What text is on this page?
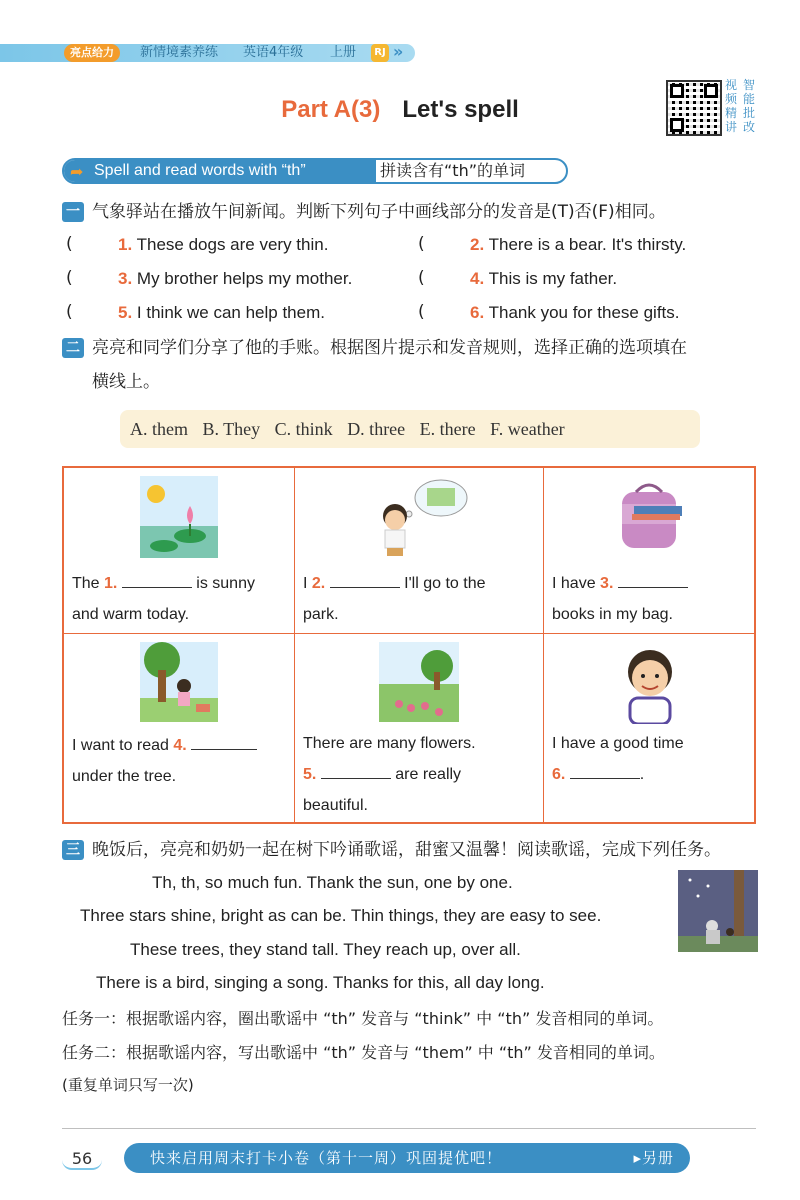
亮点给力	新情境素养练 英语4年级 上册	RJ »
Part A(3) Let's spell
视 智
频 能
精 批
讲 改
➦ Spell and read words with “th”	拼读含有“th”的单词
一 气象驿站在播放午间新闻。判断下列句子中画线部分的发音是(T)否(F)相同。
(	1. These dogs are very thin.	(	2. There is a bear. It's thirsty.
(	3. My brother helps my mother.	(	4. This is my father.
(	5. I think we can help them.	(	6. Thank you for these gifts.
二 亮亮和同学们分享了他的手账。根据图片提示和发音规则，选择正确的选项填在
横线上。
A. them B. They C. think D. three E. there F. weather
The 1.	is sunny
and warm today.
I 2.	I'll go to the
park.
I have 3.
books in my bag.
I want to read 4.
under the tree.
There are many flowers.
5.	are really
beautiful.
I have a good time
6.	.
三 晚饭后，亮亮和奶奶一起在树下吟诵歌谣，甜蜜又温馨！阅读歌谣，完成下列任务。
Th, th, so much fun. Thank the sun, one by one.
Three stars shine, bright as can be. Thin things, they are easy to see.
These trees, they stand tall. They reach up, over all.
There is a bird, singing a song. Thanks for this, all day long.
任务一：根据歌谣内容，圈出歌谣中 “th” 发音与 “think” 中 “th” 发音相同的单词。
任务二：根据歌谣内容，写出歌谣中 “th” 发音与 “them” 中 “th” 发音相同的单词。
(重复单词只写一次)
56	快来启用周末打卡小卷（第十一周）巩固提优吧！	▸另册
